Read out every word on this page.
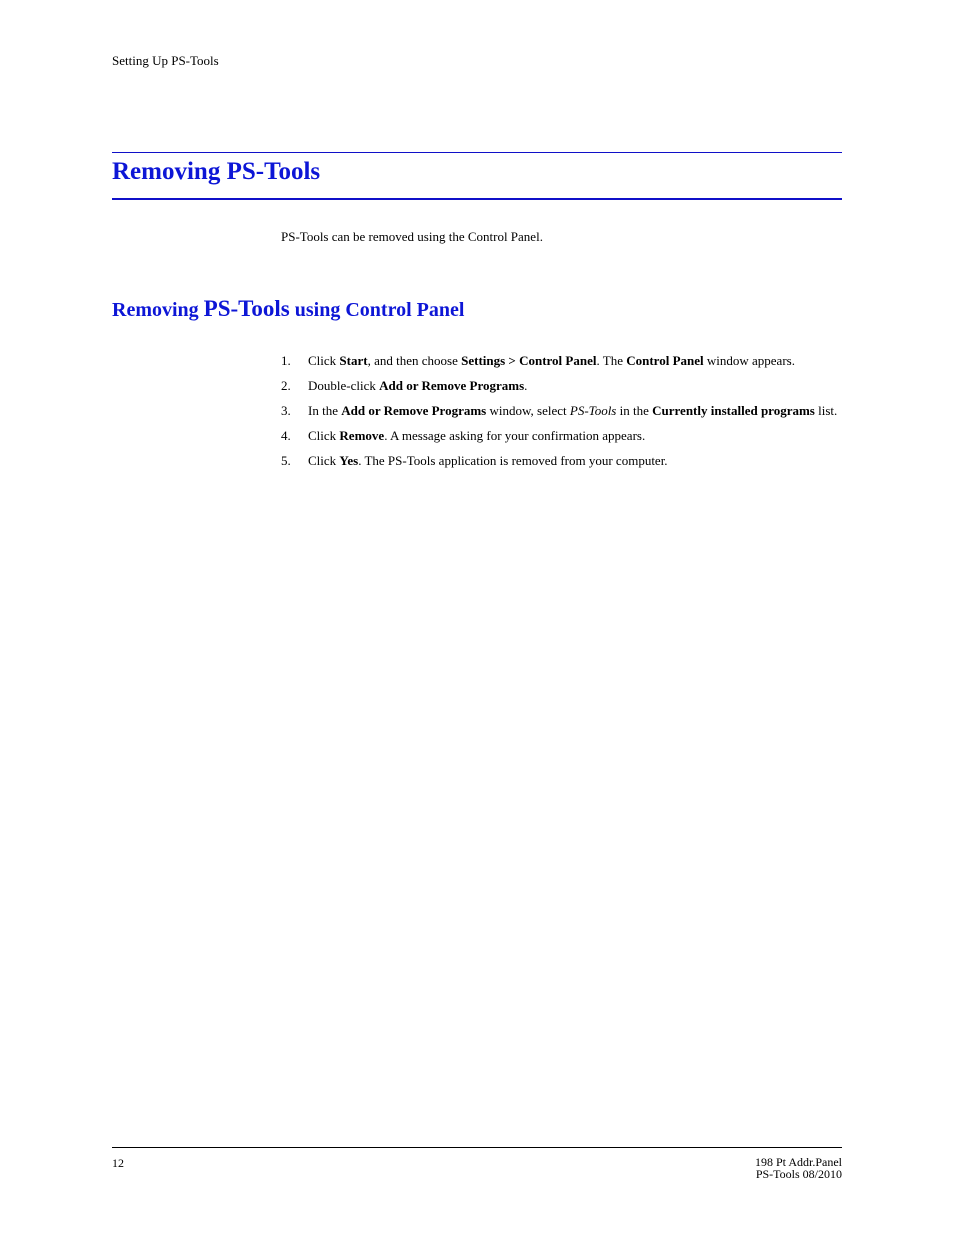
Setting Up PS-Tools
Removing PS-Tools
PS-Tools can be removed using the Control Panel.
Removing PS-Tools using Control Panel
1. Click Start, and then choose Settings > Control Panel. The Control Panel window appears.
2. Double-click Add or Remove Programs.
3. In the Add or Remove Programs window, select PS-Tools in the Currently installed programs list.
4. Click Remove. A message asking for your confirmation appears.
5. Click Yes. The PS-Tools application is removed from your computer.
12	198 Pt Addr.Panel
PS-Tools 08/2010
